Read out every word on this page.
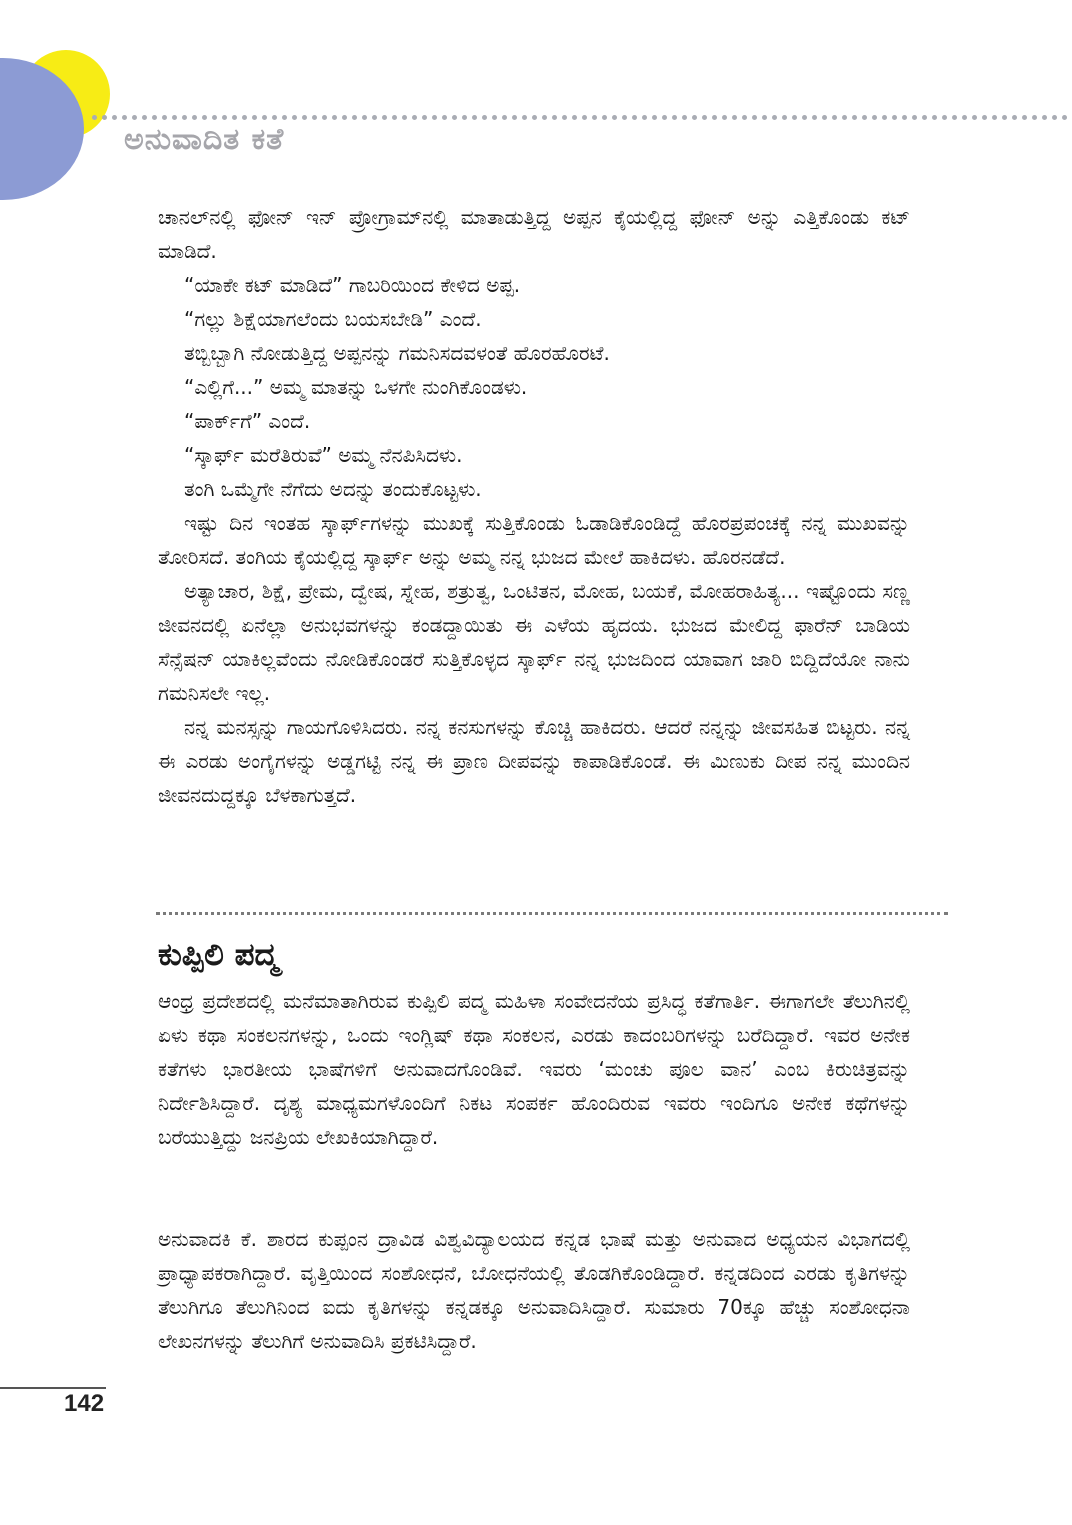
ಅನುವಾದಿತ ಕತೆ

ಚಾನಲ್‌ನಲ್ಲಿ ಫೋನ್ ಇನ್ ಪ್ರೋಗ್ರಾಮ್‌ನಲ್ಲಿ ಮಾತಾಡುತ್ತಿದ್ದ ಅಪ್ಪನ ಕೈಯಲ್ಲಿದ್ದ ಫೋನ್ ಅನ್ನು ಎತ್ತಿಕೊಂಡು ಕಟ್ ಮಾಡಿದೆ.

“ಯಾಕೇ ಕಟ್ ಮಾಡಿದೆ” ಗಾಬರಿಯಿಂದ ಕೇಳಿದ ಅಪ್ಪ.

“ಗಲ್ಲು ಶಿಕ್ಷೆಯಾಗಲೆಂದು ಬಯಸಬೇಡಿ” ಎಂದೆ.

ತಬ್ಬಿಬ್ಬಾಗಿ ನೋಡುತ್ತಿದ್ದ ಅಪ್ಪನನ್ನು ಗಮನಿಸದವಳಂತೆ ಹೊರಹೊರಟೆ.

“ಎಲ್ಲಿಗೆ...” ಅಮ್ಮ ಮಾತನ್ನು ಒಳಗೇ ನುಂಗಿಕೊಂಡಳು.

“ಪಾರ್ಕ್‌ಗೆ” ಎಂದೆ.

“ಸ್ಕಾರ್ಫ್ ಮರೆತಿರುವೆ” ಅಮ್ಮ ನೆನಪಿಸಿದಳು.

ತಂಗಿ ಒಮ್ಮೆಗೇ ನೆಗೆದು ಅದನ್ನು ತಂದುಕೊಟ್ಟಳು.

ಇಷ್ಟು ದಿನ ಇಂತಹ ಸ್ಕಾರ್ಫ್‌ಗಳನ್ನು ಮುಖಕ್ಕೆ ಸುತ್ತಿಕೊಂಡು ಓಡಾಡಿಕೊಂಡಿದ್ದೆ ಹೊರಪ್ರಪಂಚಕ್ಕೆ ನನ್ನ ಮುಖವನ್ನು ತೋರಿಸದೆ. ತಂಗಿಯ ಕೈಯಲ್ಲಿದ್ದ ಸ್ಕಾರ್ಫ್ ಅನ್ನು ಅಮ್ಮ ನನ್ನ ಭುಜದ ಮೇಲೆ ಹಾಕಿದಳು. ಹೊರನಡೆದೆ.

ಅತ್ಯಾಚಾರ, ಶಿಕ್ಷೆ, ಪ್ರೇಮ, ದ್ವೇಷ, ಸ್ನೇಹ, ಶತ್ರುತ್ವ, ಒಂಟಿತನ, ಮೋಹ, ಬಯಕೆ, ಮೋಹರಾಹಿತ್ಯ... ಇಷ್ಟೊಂದು ಸಣ್ಣ ಜೀವನದಲ್ಲಿ ಏನೆಲ್ಲಾ ಅನುಭವಗಳನ್ನು ಕಂಡದ್ದಾಯಿತು ಈ ಎಳೆಯ ಹೃದಯ. ಭುಜದ ಮೇಲಿದ್ದ ಫಾರೆನ್ ಬಾಡಿಯ ಸೆನ್ಸೆಷನ್ ಯಾಕಿಲ್ಲವೆಂದು ನೋಡಿಕೊಂಡರೆ ಸುತ್ತಿಕೊಳ್ಳದ ಸ್ಕಾರ್ಫ್ ನನ್ನ ಭುಜದಿಂದ ಯಾವಾಗ ಜಾರಿ ಬಿದ್ದಿದೆಯೋ ನಾನು ಗಮನಿಸಲೇ ಇಲ್ಲ.

ನನ್ನ ಮನಸ್ಸನ್ನು ಗಾಯಗೊಳಿಸಿದರು. ನನ್ನ ಕನಸುಗಳನ್ನು ಕೊಚ್ಚಿ ಹಾಕಿದರು. ಆದರೆ ನನ್ನನ್ನು ಜೀವಸಹಿತ ಬಿಟ್ಟರು. ನನ್ನ ಈ ಎರಡು ಅಂಗೈಗಳನ್ನು ಅಡ್ಡಗಟ್ಟಿ ನನ್ನ ಈ ಪ್ರಾಣ ದೀಪವನ್ನು ಕಾಪಾಡಿಕೊಂಡೆ. ಈ ಮಿಣುಕು ದೀಪ ನನ್ನ ಮುಂದಿನ ಜೀವನದುದ್ದಕ್ಕೂ ಬೆಳಕಾಗುತ್ತದೆ.

ಕುಪ್ಪಿಲಿ ಪದ್ಮ

ಆಂಧ್ರ ಪ್ರದೇಶದಲ್ಲಿ ಮನೆಮಾತಾಗಿರುವ ಕುಪ್ಪಿಲಿ ಪದ್ಮ ಮಹಿಳಾ ಸಂವೇದನೆಯ ಪ್ರಸಿದ್ಧ ಕತೆಗಾರ್ತಿ. ಈಗಾಗಲೇ ತೆಲುಗಿನಲ್ಲಿ ಏಳು ಕಥಾ ಸಂಕಲನಗಳನ್ನು, ಒಂದು ಇಂಗ್ಲಿಷ್ ಕಥಾ ಸಂಕಲನ, ಎರಡು ಕಾದಂಬರಿಗಳನ್ನು ಬರೆದಿದ್ದಾರೆ. ಇವರ ಅನೇಕ ಕತೆಗಳು ಭಾರತೀಯ ಭಾಷೆಗಳಿಗೆ ಅನುವಾದಗೊಂಡಿವೆ. ಇವರು ‘ಮಂಚು ಪೂಲ ವಾನ’ ಎಂಬ ಕಿರುಚಿತ್ರವನ್ನು ನಿರ್ದೇಶಿಸಿದ್ದಾರೆ. ದೃಶ್ಯ ಮಾಧ್ಯಮಗಳೊಂದಿಗೆ ನಿಕಟ ಸಂಪರ್ಕ ಹೊಂದಿರುವ ಇವರು ಇಂದಿಗೂ ಅನೇಕ ಕಥೆಗಳನ್ನು ಬರೆಯುತ್ತಿದ್ದು ಜನಪ್ರಿಯ ಲೇಖಕಿಯಾಗಿದ್ದಾರೆ.

ಅನುವಾದಕಿ ಕೆ. ಶಾರದ ಕುಪ್ಪಂನ ದ್ರಾವಿಡ ವಿಶ್ವವಿದ್ಯಾಲಯದ ಕನ್ನಡ ಭಾಷೆ ಮತ್ತು ಅನುವಾದ ಅಧ್ಯಯನ ವಿಭಾಗದಲ್ಲಿ ಪ್ರಾಧ್ಯಾಪಕರಾಗಿದ್ದಾರೆ. ವೃತ್ತಿಯಿಂದ ಸಂಶೋಧನೆ, ಬೋಧನೆಯಲ್ಲಿ ತೊಡಗಿಕೊಂಡಿದ್ದಾರೆ. ಕನ್ನಡದಿಂದ ಎರಡು ಕೃತಿಗಳನ್ನು ತೆಲುಗಿಗೂ ತೆಲುಗಿನಿಂದ ಐದು ಕೃತಿಗಳನ್ನು ಕನ್ನಡಕ್ಕೂ ಅನುವಾದಿಸಿದ್ದಾರೆ. ಸುಮಾರು 70ಕ್ಕೂ ಹೆಚ್ಚು ಸಂಶೋಧನಾ ಲೇಖನಗಳನ್ನು ತೆಲುಗಿಗೆ ಅನುವಾದಿಸಿ ಪ್ರಕಟಿಸಿದ್ದಾರೆ.

142
